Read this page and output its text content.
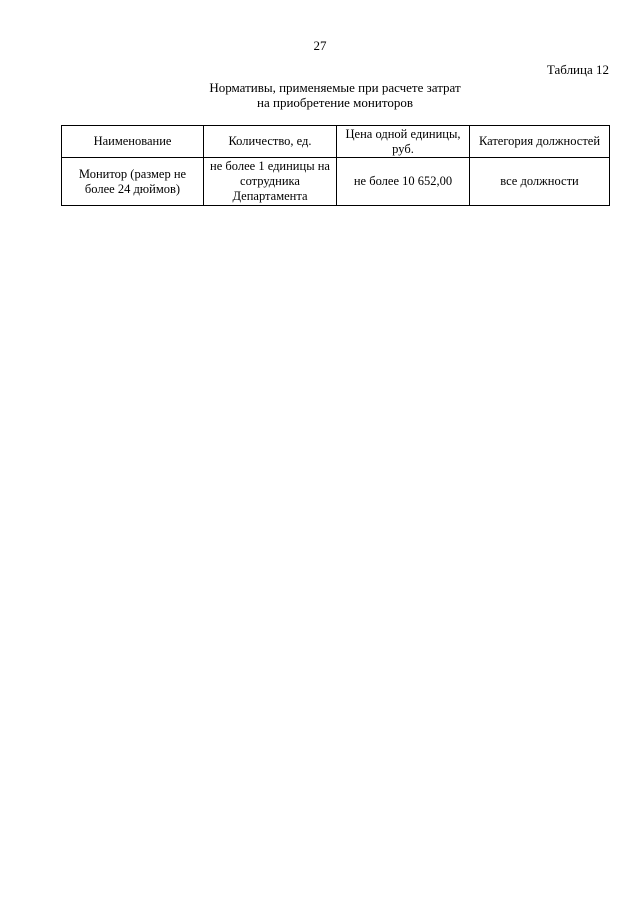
27
Таблица 12
Нормативы, применяемые при расчете затрат
на приобретение мониторов
Наименование	Количество, ед.	Цена одной единицы, руб.	Категория должностей
Монитор (размер не более 24 дюймов)	не более 1 единицы на сотрудника Департамента	не более 10 652,00	все должности
